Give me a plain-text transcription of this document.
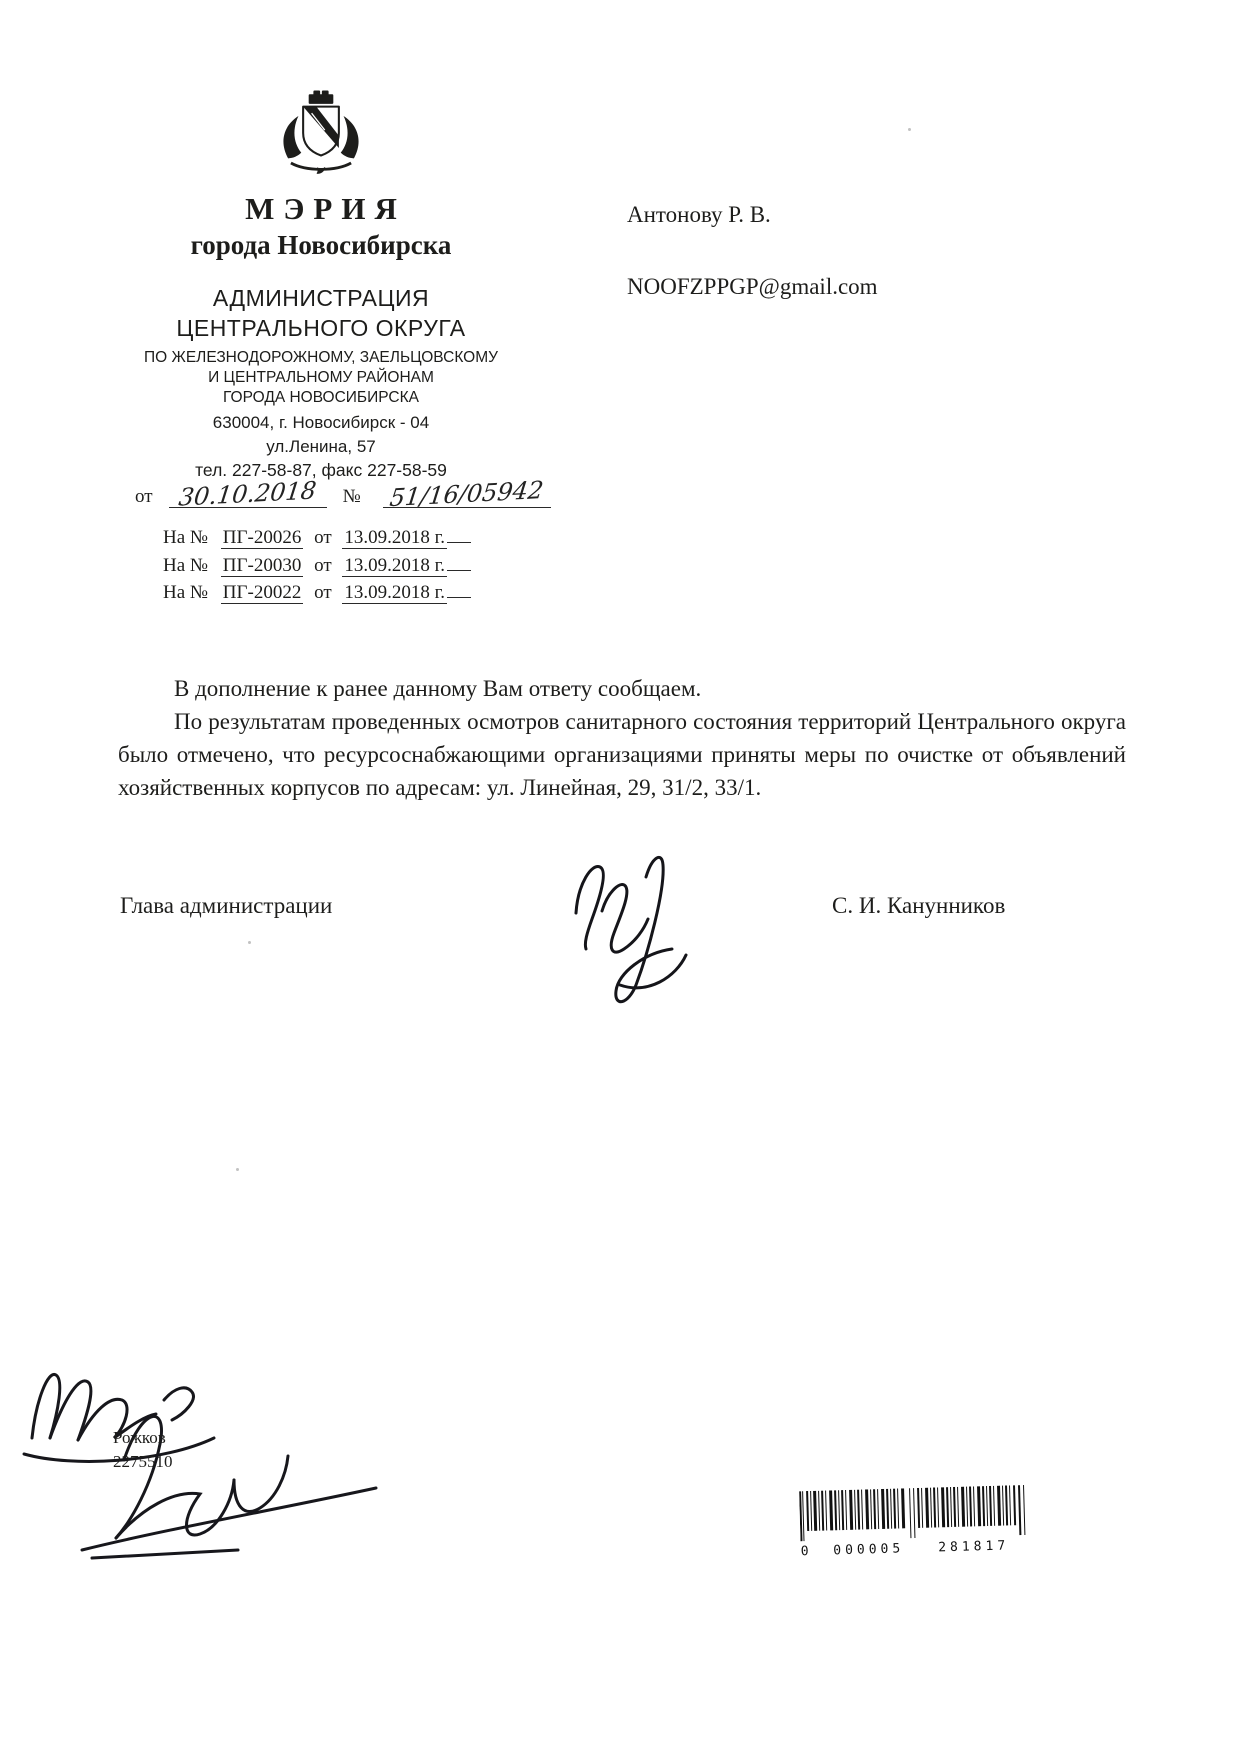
МЭРИЯ
города Новосибирска
АДМИНИСТРАЦИЯ
ЦЕНТРАЛЬНОГО ОКРУГА
ПО ЖЕЛЕЗНОДОРОЖНОМУ, ЗАЕЛЬЦОВСКОМУ
И ЦЕНТРАЛЬНОМУ РАЙОНАМ
ГОРОДА НОВОСИБИРСКА
630004, г. Новосибирск - 04
ул.Ленина, 57
тел. 227-58-87, факс 227-58-59
Антонову Р. В.
NOOFZPPGP@gmail.com
от	30.10.2018	№ 51/16/05942
На № ПГ-20026 от 13.09.2018 г.
На № ПГ-20030 от 13.09.2018 г.
На № ПГ-20022 от 13.09.2018 г.

В дополнение к ранее данному Вам ответу сообщаем.

По результатам проведенных осмотров санитарного состояния территорий Центрального округа было отмечено, что ресурсоснабжающими организациями приняты меры по очистке от объявлений хозяйственных корпусов по адресам: ул. Линейная, 29, 31/2, 33/1.

Глава администрации	С. И. Канунников
Рожков
2275510
0	000005	281817
